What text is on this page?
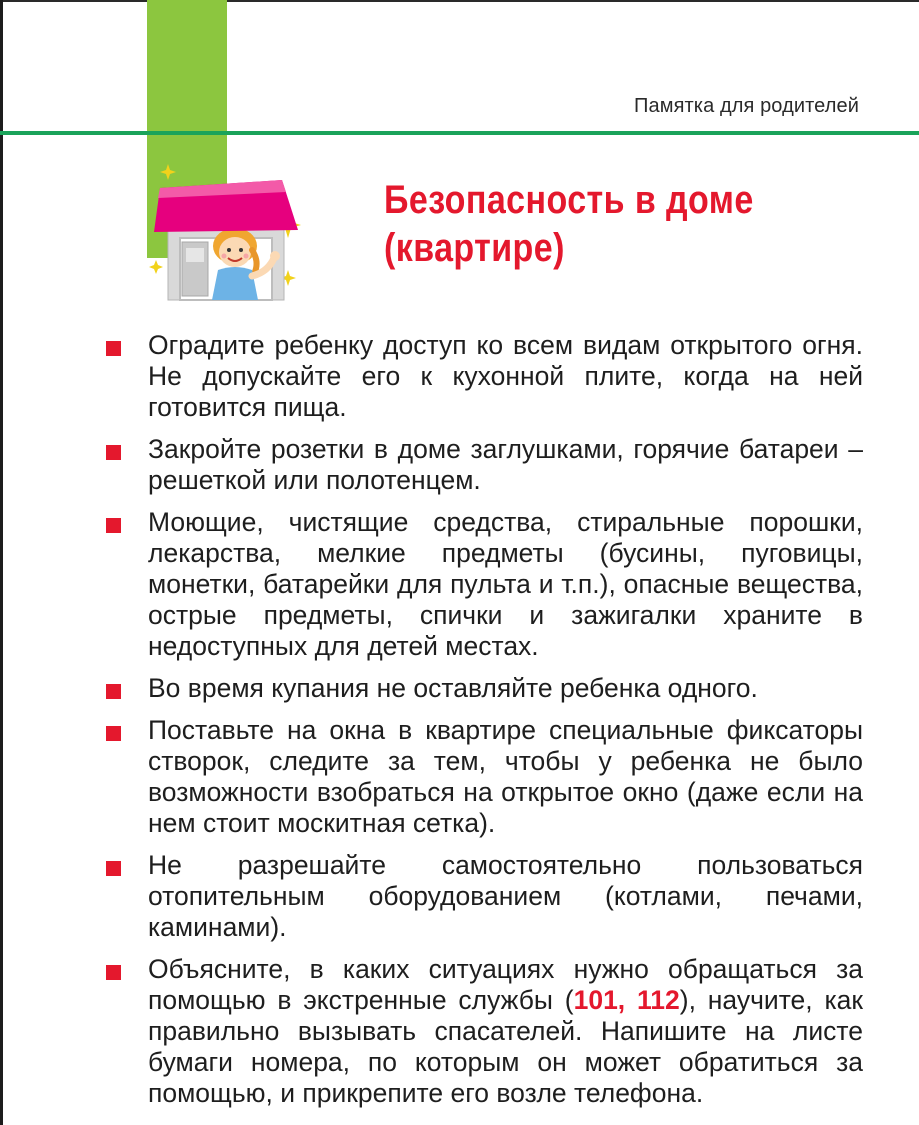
Памятка для родителей
Безопасность в доме
(квартире)

Оградите ребенку доступ ко всем видам открытого огня. Не допускайте его к кухонной плите, когда на ней готовится пища.

Закройте розетки в доме заглушками, горячие батареи – решеткой или полотенцем.

Моющие, чистящие средства, стиральные порошки, лекарства, мелкие предметы (бусины, пуговицы, монетки, батарейки для пульта и т.п.), опасные вещества, острые предметы, спички и зажигалки храните в недоступных для детей местах.

Во время купания не оставляйте ребенка одного.

Поставьте на окна в квартире специальные фиксаторы створок, следите за тем, чтобы у ребенка не было возможности взобраться на открытое окно (даже если на нем стоит москитная сетка).

Не разрешайте самостоятельно пользоваться отопительным оборудованием (котлами, печами, каминами).

Объясните, в каких ситуациях нужно обращаться за помощью в экстренные службы (101, 112), научите, как правильно вызывать спасателей. Напишите на листе бумаги номера, по которым он может обратиться за помощью, и прикрепите его возле телефона.
